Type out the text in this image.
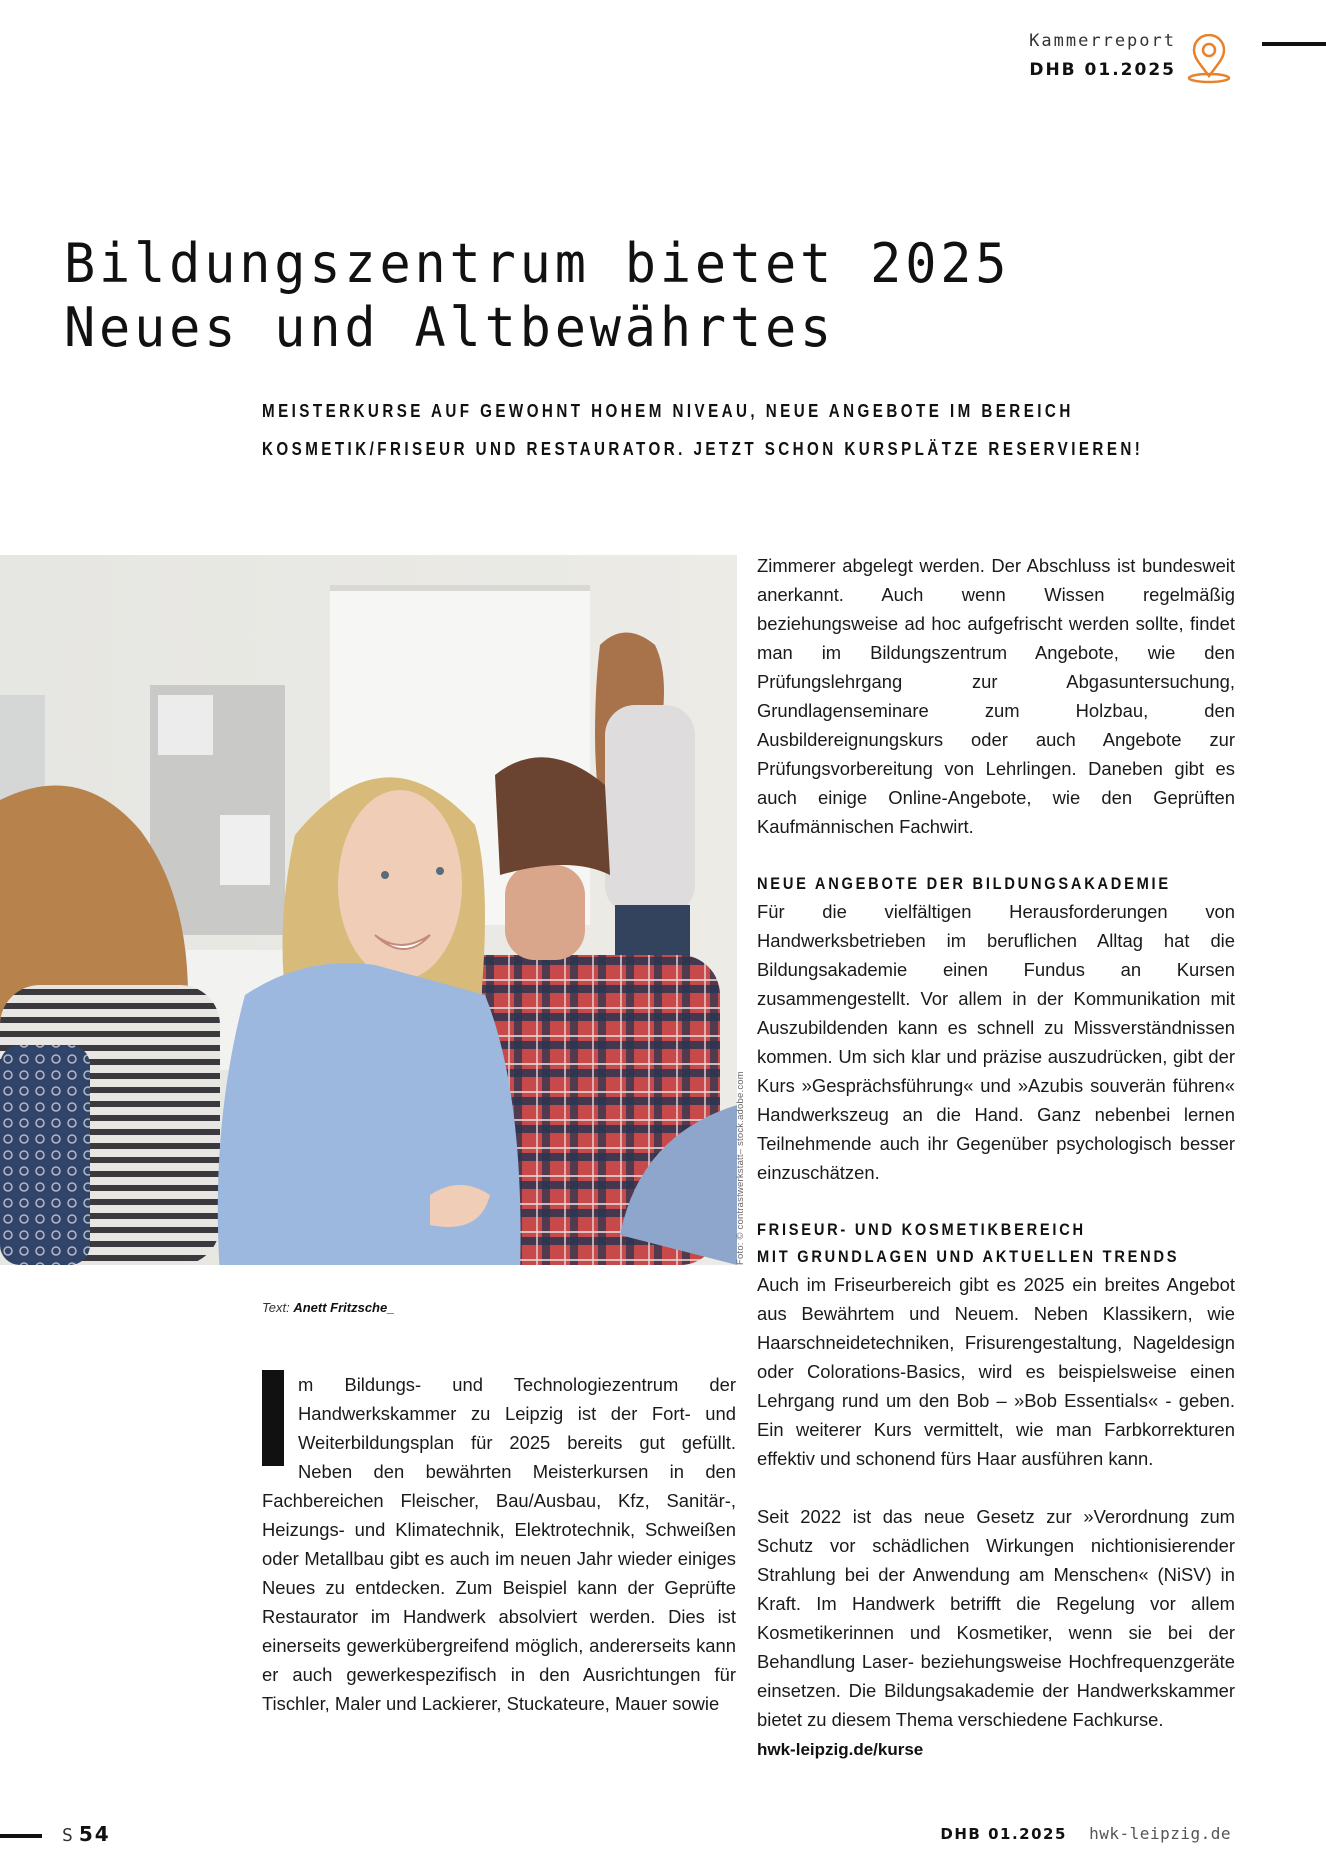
Kammerreport
DHB 01.2025
Bildungszentrum bietet 2025
Neues und Altbewährtes
MEISTERKURSE AUF GEWOHNT HOHEM NIVEAU, NEUE ANGEBOTE IM BEREICH
KOSMETIK/FRISEUR UND RESTAURATOR. JETZT SCHON KURSPLÄTZE RESERVIEREN!
Foto: © contrastwerkstatt– stock.adobe.com
Text: Anett Fritzsche_

m Bildungs- und Technologiezentrum der Handwerkskammer zu Leipzig ist der Fort- und Weiterbildungsplan für 2025 bereits gut gefüllt. Neben den bewährten Meisterkursen in den Fachbereichen Fleischer, Bau/Ausbau, Kfz, Sanitär-, Heizungs- und Klimatechnik, Elektrotechnik, Schweißen oder Metallbau gibt es auch im neuen Jahr wieder einiges Neues zu entdecken. Zum Beispiel kann der Geprüfte Restaurator im Handwerk absolviert werden. Dies ist einerseits gewerkübergreifend möglich, andererseits kann er auch gewerkespezifisch in den Ausrichtungen für Tischler, Maler und Lackierer, Stuckateure, Mauer sowie

Zimmerer abgelegt werden. Der Abschluss ist bundesweit anerkannt. Auch wenn Wissen regelmäßig beziehungsweise ad hoc aufgefrischt werden sollte, findet man im Bildungszentrum Angebote, wie den Prüfungslehrgang zur Abgasuntersuchung, Grundlagenseminare zum Holzbau, den Ausbildereignungskurs oder auch Angebote zur Prüfungsvorbereitung von Lehrlingen. Daneben gibt es auch einige Online-Angebote, wie den Geprüften Kaufmännischen Fachwirt.

NEUE ANGEBOTE DER BILDUNGSAKADEMIE

Für die vielfältigen Herausforderungen von Handwerksbetrieben im beruflichen Alltag hat die Bildungsakademie einen Fundus an Kursen zusammengestellt. Vor allem in der Kommunikation mit Auszubildenden kann es schnell zu Missverständnissen kommen. Um sich klar und präzise auszudrücken, gibt der Kurs »Gesprächsführung« und »Azubis souverän führen« Handwerkszeug an die Hand. Ganz nebenbei lernen Teilnehmende auch ihr Gegenüber psychologisch besser einzuschätzen.

FRISEUR- UND KOSMETIKBEREICH
MIT GRUNDLAGEN UND AKTUELLEN TRENDS

Auch im Friseurbereich gibt es 2025 ein breites Angebot aus Bewährtem und Neuem. Neben Klassikern, wie Haarschneidetechniken, Frisurengestaltung, Nageldesign oder Colorations-Basics, wird es beispielsweise einen Lehrgang rund um den Bob – »Bob Essentials« - geben. Ein weiterer Kurs vermittelt, wie man Farbkorrekturen effektiv und schonend fürs Haar ausführen kann.

Seit 2022 ist das neue Gesetz zur »Verordnung zum Schutz vor schädlichen Wirkungen nichtionisierender Strahlung bei der Anwendung am Menschen« (NiSV) in Kraft. Im Handwerk betrifft die Regelung vor allem Kosmetikerinnen und Kosmetiker, wenn sie bei der Behandlung Laser- beziehungsweise Hochfrequenzgeräte einsetzen. Die Bildungsakademie der Handwerkskammer bietet zu diesem Thema verschiedene Fachkurse.

hwk-leipzig.de/kurse
S 54	DHB 01.2025 hwk-leipzig.de
